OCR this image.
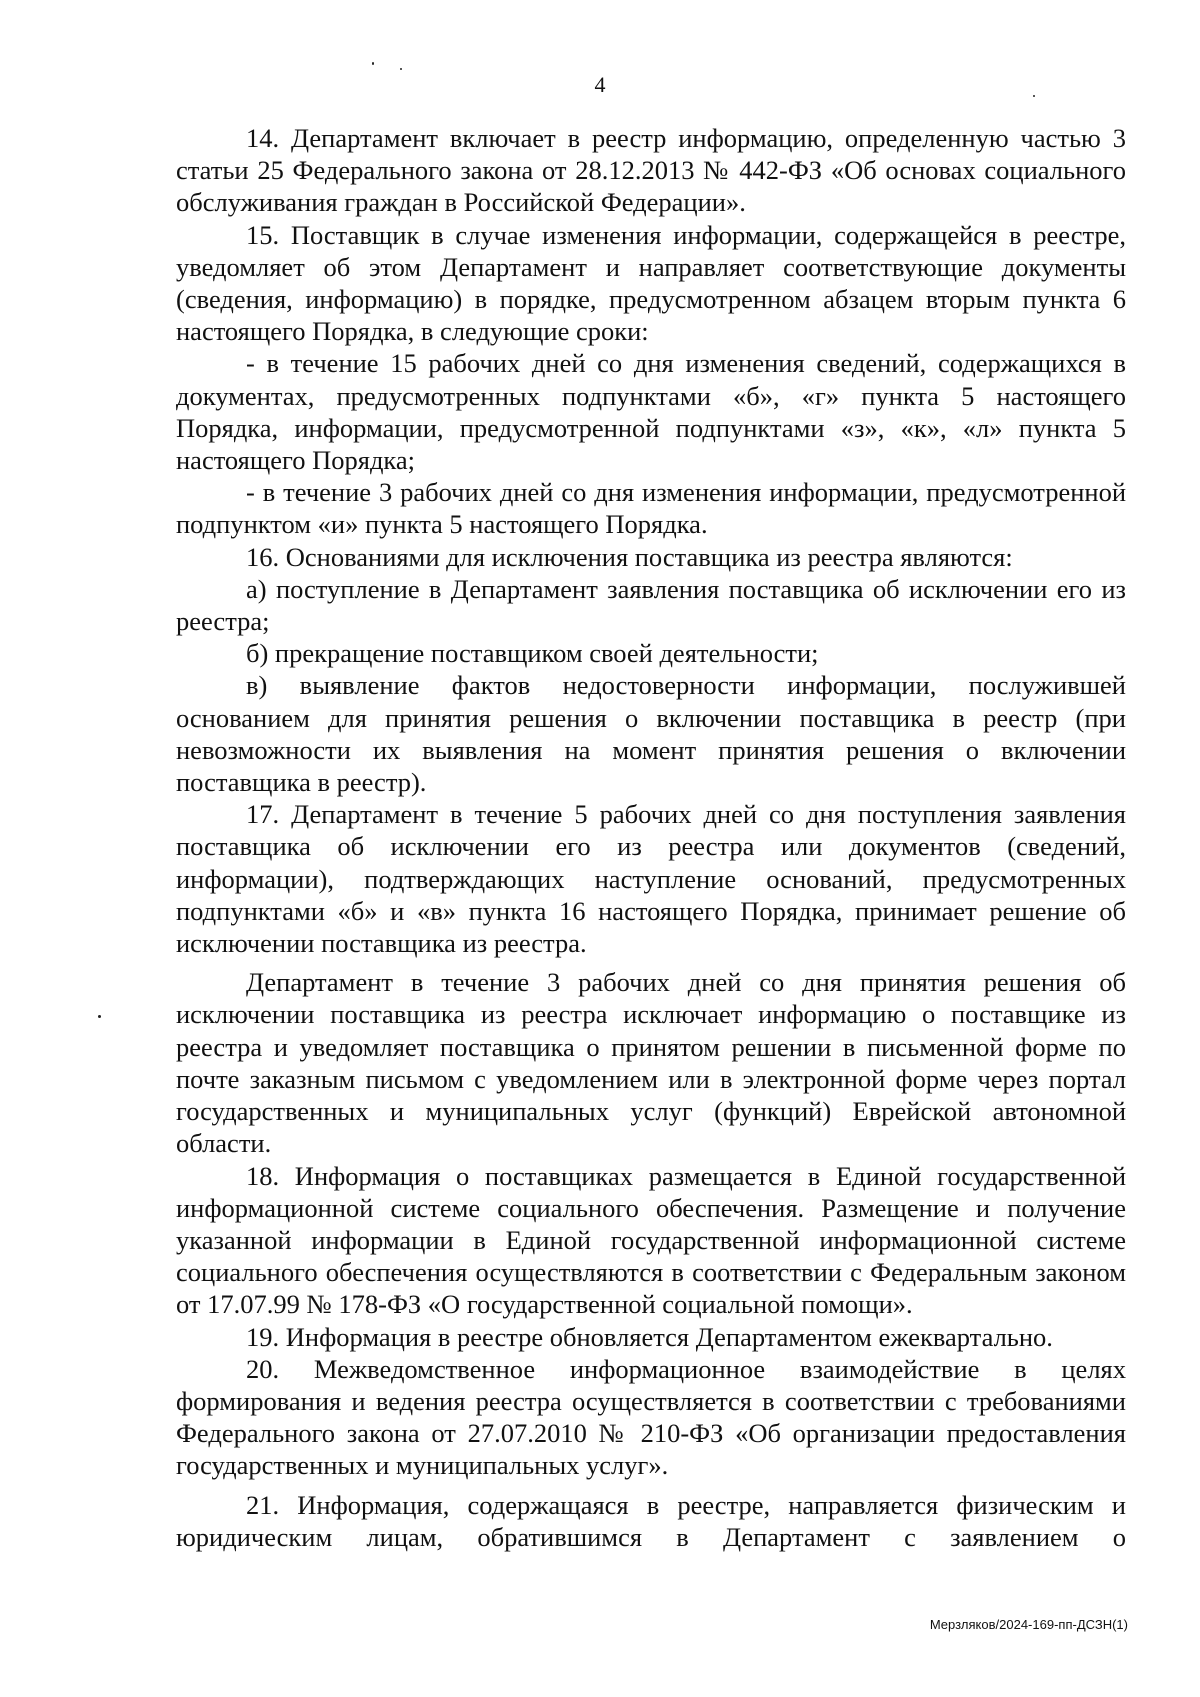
4

14. Департамент включает в реестр информацию, определенную частью 3 статьи 25 Федерального закона от 28.12.2013 № 442-ФЗ «Об основах социального обслуживания граждан в Российской Федерации».

15. Поставщик в случае изменения информации, содержащейся в реестре, уведомляет об этом Департамент и направляет соответствующие документы (сведения, информацию) в порядке, предусмотренном абзацем вторым пункта 6 настоящего Порядка, в следующие сроки:

- в течение 15 рабочих дней со дня изменения сведений, содержащихся в документах, предусмотренных подпунктами «б», «г» пункта 5 настоящего Порядка, информации, предусмотренной подпунктами «з», «к», «л» пункта 5 настоящего Порядка;

- в течение 3 рабочих дней со дня изменения информации, предусмотренной подпунктом «и» пункта 5 настоящего Порядка.

16. Основаниями для исключения поставщика из реестра являются:

а) поступление в Департамент заявления поставщика об исключении его из реестра;

б) прекращение поставщиком своей деятельности;

в) выявление фактов недостоверности информации, послужившей основанием для принятия решения о включении поставщика в реестр (при невозможности их выявления на момент принятия решения о включении поставщика в реестр).

17. Департамент в течение 5 рабочих дней со дня поступления заявления поставщика об исключении его из реестра или документов (сведений, информации), подтверждающих наступление оснований, предусмотренных подпунктами «б» и «в» пункта 16 настоящего Порядка, принимает решение об исключении поставщика из реестра.

Департамент в течение 3 рабочих дней со дня принятия решения об исключении поставщика из реестра исключает информацию о поставщике из реестра и уведомляет поставщика о принятом решении в письменной форме по почте заказным письмом с уведомлением или в электронной форме через портал государственных и муниципальных услуг (функций) Еврейской автономной области.

18. Информация о поставщиках размещается в Единой государственной информационной системе социального обеспечения. Размещение и получение указанной информации в Единой государственной информационной системе социального обеспечения осуществляются в соответствии с Федеральным законом от 17.07.99 № 178-ФЗ «О государственной социальной помощи».

19. Информация в реестре обновляется Департаментом ежеквартально.

20. Межведомственное информационное взаимодействие в целях формирования и ведения реестра осуществляется в соответствии с требованиями Федерального закона от 27.07.2010 № 210-ФЗ «Об организации предоставления государственных и муниципальных услуг».

21. Информация, содержащаяся в реестре, направляется физическим и юридическим лицам, обратившимся в Департамент с заявлением о

Мерзляков/2024-169-пп-ДСЗН(1)
